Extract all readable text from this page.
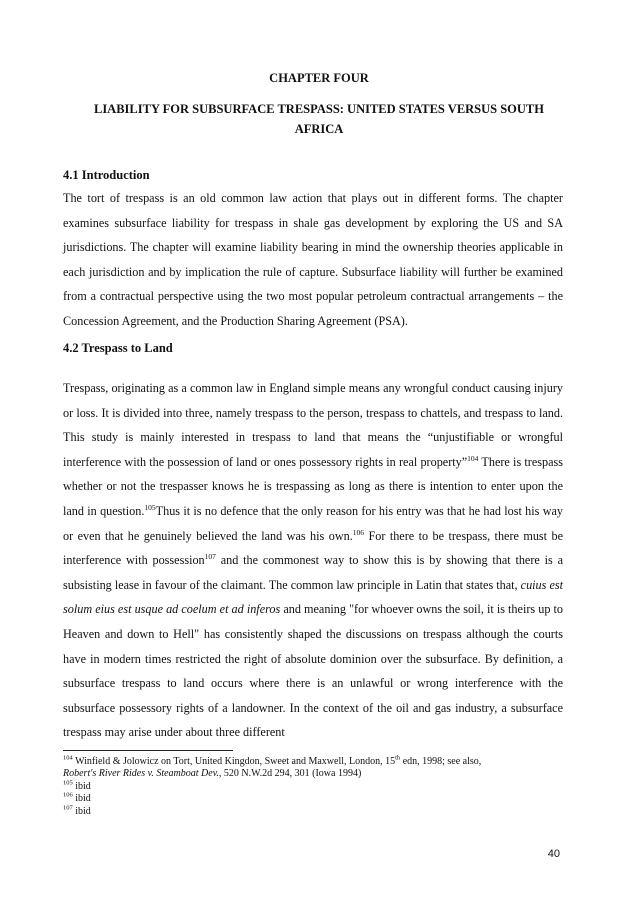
CHAPTER FOUR
LIABILITY FOR SUBSURFACE TRESPASS: UNITED STATES VERSUS SOUTH AFRICA
4.1 Introduction
The tort of trespass is an old common law action that plays out in different forms. The chapter examines subsurface liability for trespass in shale gas development by exploring the US and SA jurisdictions. The chapter will examine liability bearing in mind the ownership theories applicable in each jurisdiction and by implication the rule of capture. Subsurface liability will further be examined from a contractual perspective using the two most popular petroleum contractual arrangements – the Concession Agreement, and the Production Sharing Agreement (PSA).
4.2 Trespass to Land
Trespass, originating as a common law in England simple means any wrongful conduct causing injury or loss. It is divided into three, namely trespass to the person, trespass to chattels, and trespass to land. This study is mainly interested in trespass to land that means the “unjustifiable or wrongful interference with the possession of land or ones possessory rights in real property”$^{104}$ There is trespass whether or not the trespasser knows he is trespassing as long as there is intention to enter upon the land in question.$^{105}$Thus it is no defence that the only reason for his entry was that he had lost his way or even that he genuinely believed the land was his own.$^{106}$ For there to be trespass, there must be interference with possession$^{107}$ and the commonest way to show this is by showing that there is a subsisting lease in favour of the claimant. The common law principle in Latin that states that, cuius est solum eius est usque ad coelum et ad inferos and meaning "for whoever owns the soil, it is theirs up to Heaven and down to Hell" has consistently shaped the discussions on trespass although the courts have in modern times restricted the right of absolute dominion over the subsurface. By definition, a subsurface trespass to land occurs where there is an unlawful or wrong interference with the subsurface possessory rights of a landowner. In the context of the oil and gas industry, a subsurface trespass may arise under about three different
$^{104}$ Winfield & Jolowicz on Tort, United Kingdon, Sweet and Maxwell, London, 15th edn, 1998; see also,
Robert's River Rides v. Steamboat Dev., 520 N.W.2d 294, 301 (Iowa 1994)
$^{105}$ ibid
$^{106}$ ibid
$^{107}$ ibid
40
